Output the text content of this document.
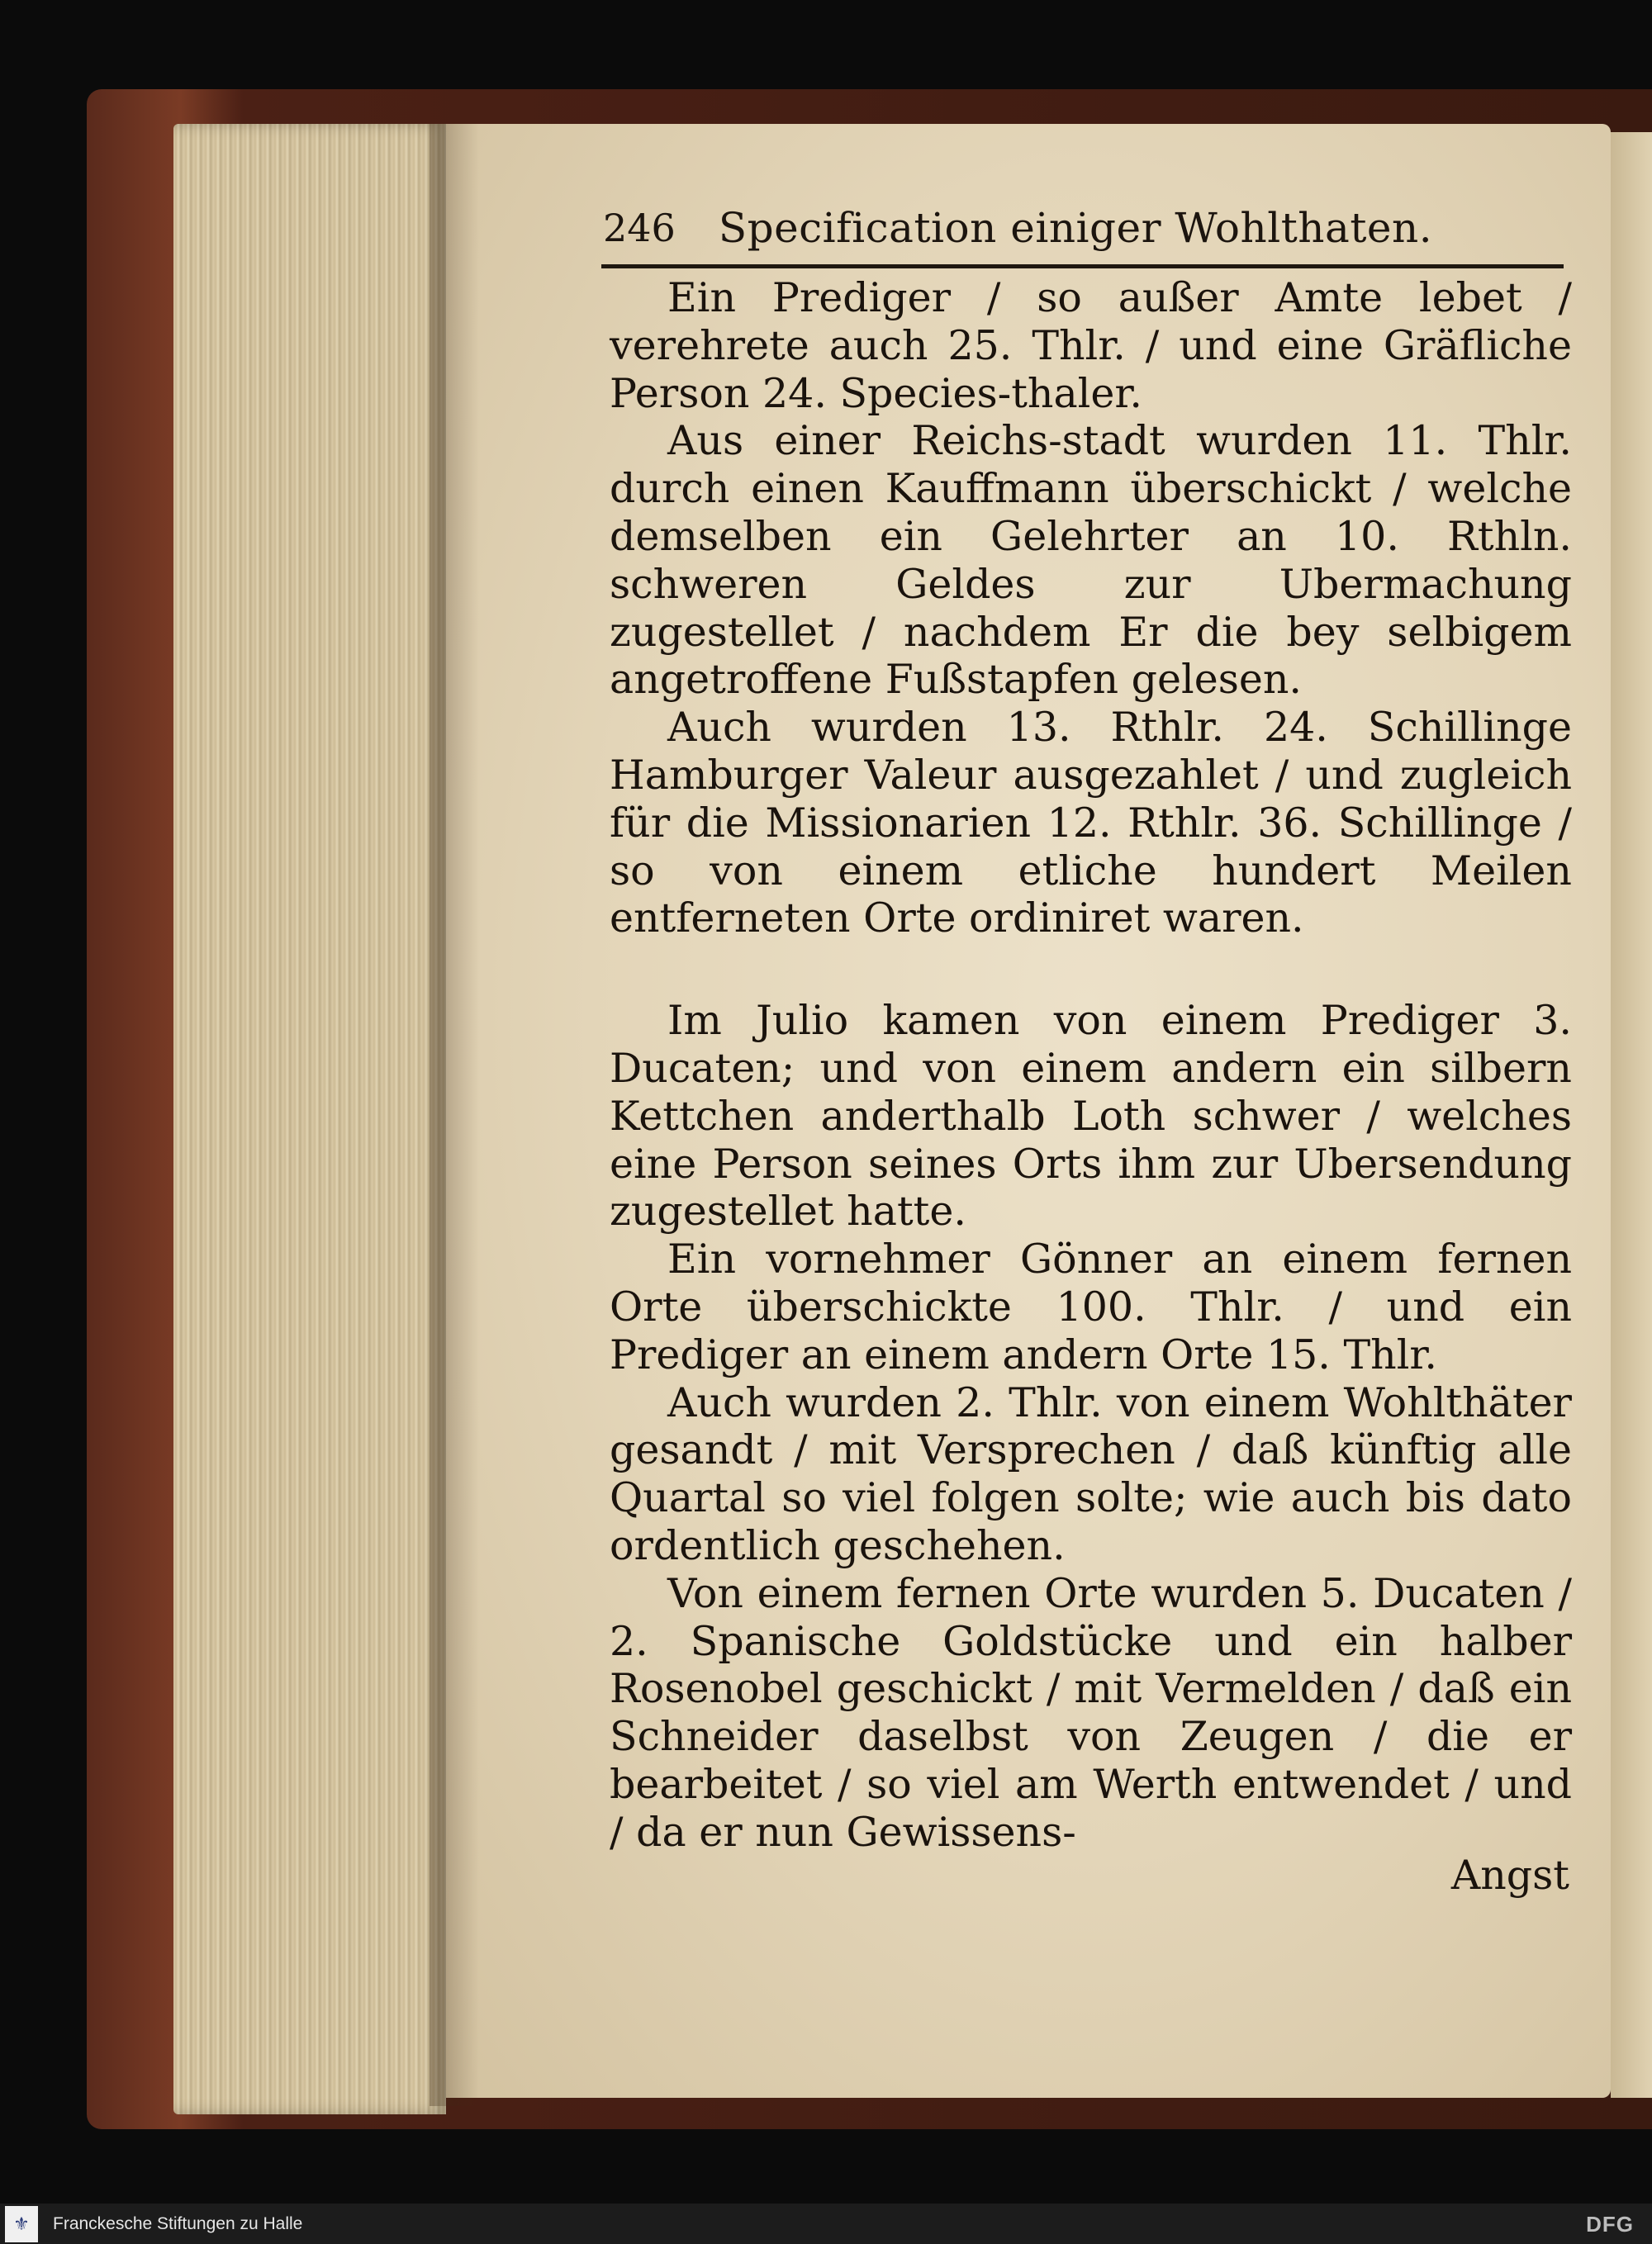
246 Specification einiger Wohlthaten.

Ein Prediger / so außer Amte lebet / verehrete auch 25. Thlr. / und eine Gräfliche Person 24. Species-thaler.

Aus einer Reichs-stadt wurden 11. Thlr. durch einen Kauffmann überschickt / welche demselben ein Gelehrter an 10. Rthln. schweren Geldes zur Ubermachung zugestellet / nachdem Er die bey selbigem angetroffene Fußstapfen gelesen.

Auch wurden 13. Rthlr. 24. Schillinge Hamburger Valeur ausgezahlet / und zugleich für die Missionarien 12. Rthlr. 36. Schillinge / so von einem etliche hundert Meilen entferneten Orte ordiniret waren.

Im Julio kamen von einem Prediger 3. Ducaten; und von einem andern ein silbern Kettchen anderthalb Loth schwer / welches eine Person seines Orts ihm zur Ubersendung zugestellet hatte.

Ein vornehmer Gönner an einem fernen Orte überschickte 100. Thlr. / und ein Prediger an einem andern Orte 15. Thlr.

Auch wurden 2. Thlr. von einem Wohlthäter gesandt / mit Versprechen / daß künftig alle Quartal so viel folgen solte; wie auch bis dato ordentlich geschehen.

Von einem fernen Orte wurden 5. Ducaten / 2. Spanische Goldstücke und ein halber Rosenobel geschickt / mit Vermelden / daß ein Schneider daselbst von Zeugen / die er bearbeitet / so viel am Werth entwendet / und / da er nun Gewissens-

Angst
⚜	Franckesche Stiftungen zu Halle	DFG
